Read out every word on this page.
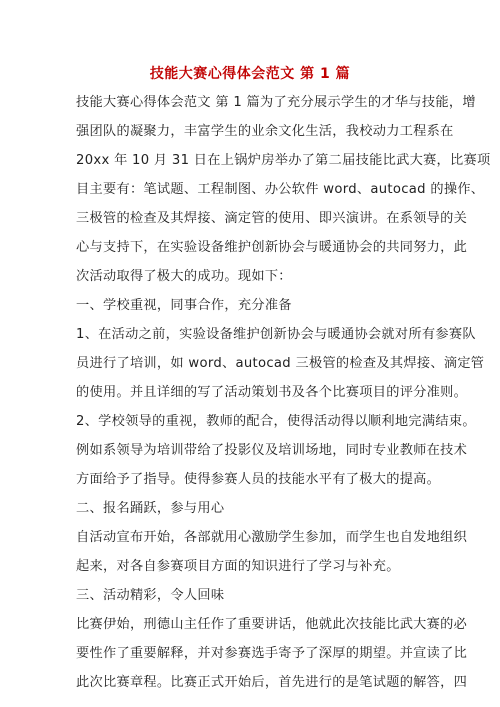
技能大赛心得体会范文 第 1 篇
技能大赛心得体会范文 第 1 篇为了充分展示学生的才华与技能，增
强团队的凝聚力，丰富学生的业余文化生活，我校动力工程系在
20xx 年 10 月 31 日在上锅炉房举办了第二届技能比武大赛，比赛项
目主要有：笔试题、工程制图、办公软件 word、autocad 的操作、
三极管的检查及其焊接、滴定管的使用、即兴演讲。在系领导的关
心与支持下，在实验设备维护创新协会与暖通协会的共同努力，此
次活动取得了极大的成功。现如下：
一、学校重视，同事合作，充分准备
1、在活动之前，实验设备维护创新协会与暖通协会就对所有参赛队
员进行了培训，如 word、autocad 三极管的检查及其焊接、滴定管
的使用。并且详细的写了活动策划书及各个比赛项目的评分准则。
2、学校领导的重视，教师的配合，使得活动得以顺利地完满结束。
例如系领导为培训带给了投影仪及培训场地，同时专业教师在技术
方面给予了指导。使得参赛人员的技能水平有了极大的提高。
二、报名踊跃，参与用心
自活动宣布开始，各部就用心激励学生参加，而学生也自发地组织
起来，对各自参赛项目方面的知识进行了学习与补充。
三、活动精彩，令人回味
比赛伊始，刑德山主任作了重要讲话，他就此次技能比武大赛的必
要性作了重要解释，并对参赛选手寄予了深厚的期望。并宣读了比
此次比赛章程。比赛正式开始后，首先进行的是笔试题的解答，四
